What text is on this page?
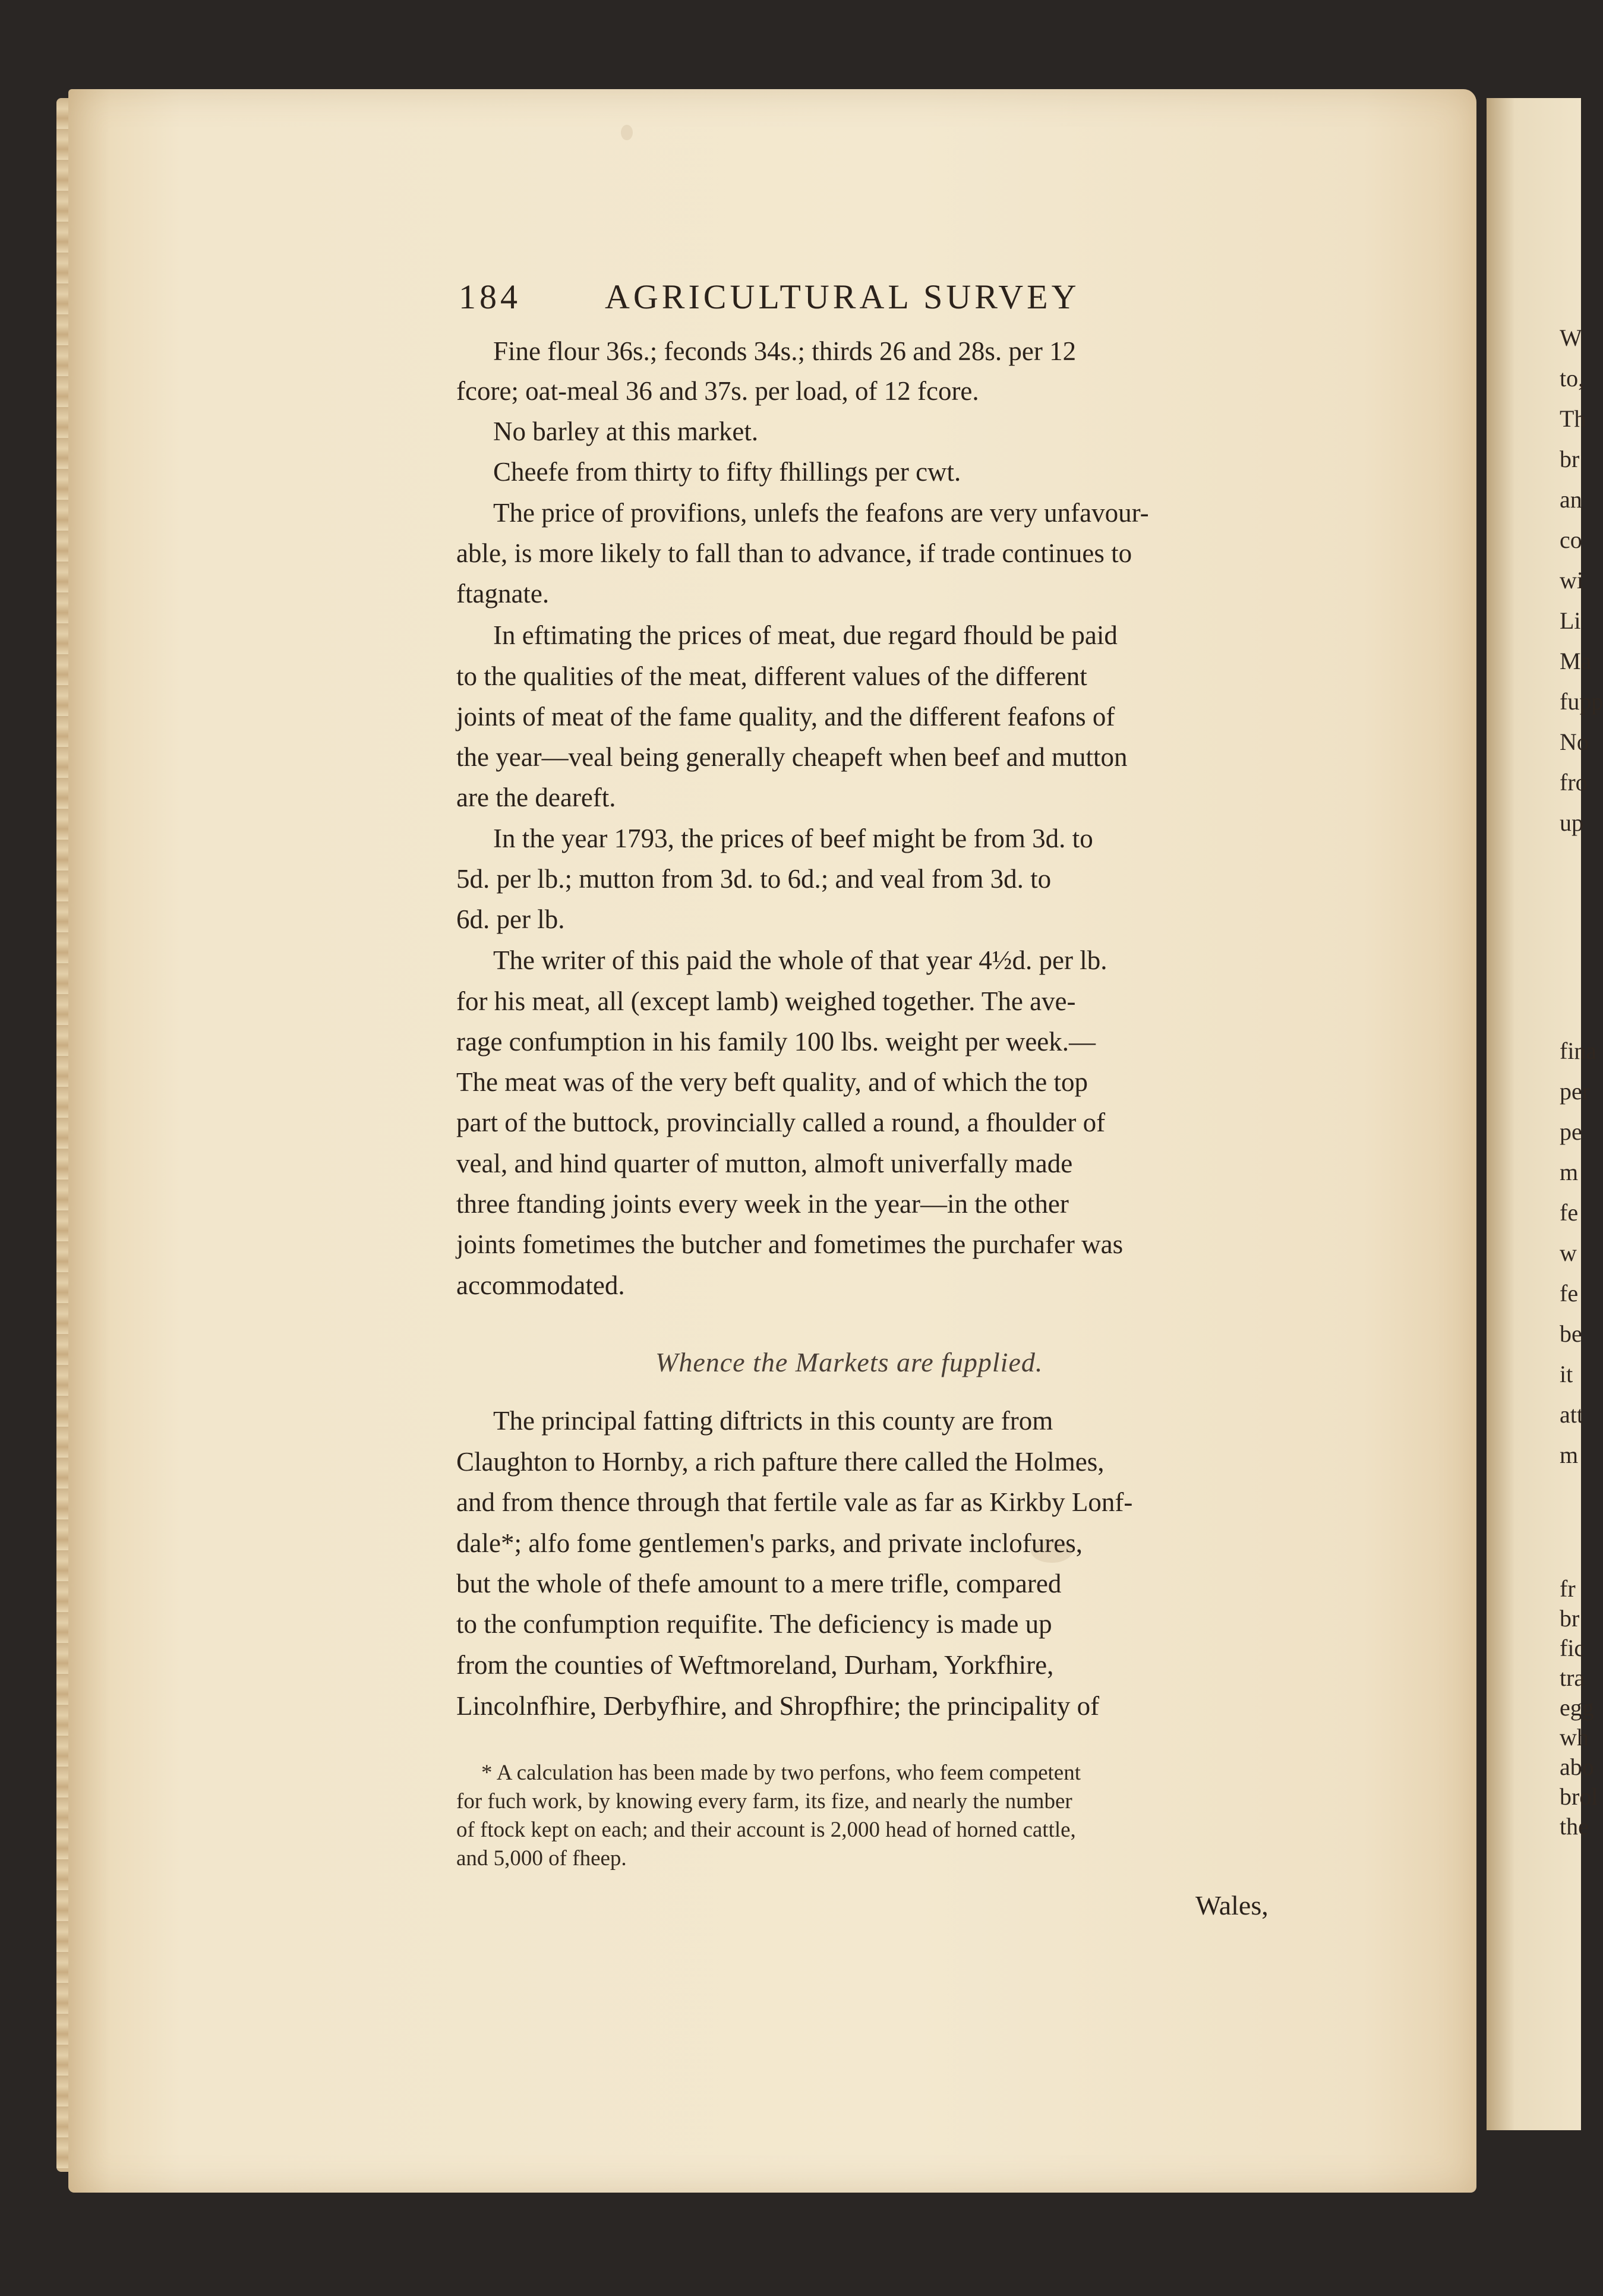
184 AGRICULTURAL SURVEY
Fine flour 36s.; feconds 34s.; thirds 26 and 28s. per 12
fcore; oat-meal 36 and 37s. per load, of 12 fcore.
No barley at this market.
Cheefe from thirty to fifty fhillings per cwt.
The price of provifions, unlefs the feafons are very unfavour-
able, is more likely to fall than to advance, if trade continues to
ftagnate.
In eftimating the prices of meat, due regard fhould be paid
to the qualities of the meat, different values of the different
joints of meat of the fame quality, and the different feafons of
the year—veal being generally cheapeft when beef and mutton
are the deareft.
In the year 1793, the prices of beef might be from 3d. to
5d. per lb.; mutton from 3d. to 6d.; and veal from 3d. to
6d. per lb.
The writer of this paid the whole of that year 4½d. per lb.
for his meat, all (except lamb) weighed together. The ave-
rage confumption in his family 100 lbs. weight per week.—
The meat was of the very beft quality, and of which the top
part of the buttock, provincially called a round, a fhoulder of
veal, and hind quarter of mutton, almoft univerfally made
three ftanding joints every week in the year—in the other
joints fometimes the butcher and fometimes the purchafer was
accommodated.
Whence the Markets are fupplied.
The principal fatting diftricts in this county are from
Claughton to Hornby, a rich pafture there called the Holmes,
and from thence through that fertile vale as far as Kirkby Lonf-
dale*; alfo fome gentlemen's parks, and private inclofures,
but the whole of thefe amount to a mere trifle, compared
to the confumption requifite. The deficiency is made up
from the counties of Weftmoreland, Durham, Yorkfhire,
Lincolnfhire, Derbyfhire, and Shropfhire; the principality of
* A calculation has been made by two perfons, who feem competent
for fuch work, by knowing every farm, its fize, and nearly the number
of ftock kept on each; and their account is 2,000 head of horned cattle,
and 5,000 of fheep.
Wales,
W
to,
Th
br
an
co
wi
Li
Ma
fupp
No
fro
up
fina
per
pe
m
fe
w
fe
be
it
att
m
fr
br
fic
tra
egg
wh
abo
brol
the
